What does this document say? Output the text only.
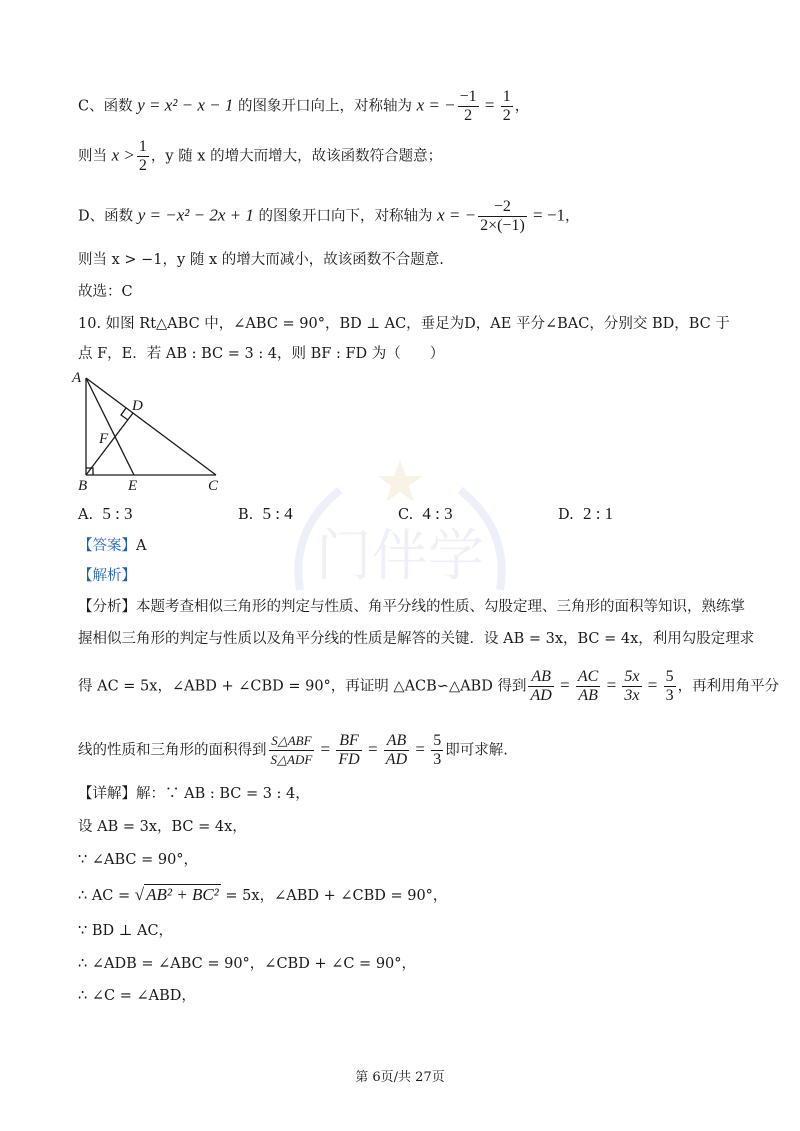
门伴学
C、函数 y = x² − x − 1 的图象开口向上，对称轴为 x = − $\frac{-1}{2} = \frac{1}{2}$ ，
则当 $x > \frac{1}{2}$ ，y 随 x 的增大而增大，故该函数符合题意；
D、函数 y = −x² − 2x + 1 的图象开口向下，对称轴为 x = − $\frac{-2}{2\times(-1)} = -1$，
则当 x > −1，y 随 x 的增大而减小，故该函数不合题意.
故选：C
10. 如图 Rt△ABC 中，∠ABC = 90°，BD ⊥ AC，垂足为D，AE 平分∠BAC，分别交 BD，BC 于
点 F，E．若 AB : BC = 3 : 4，则 BF : FD 为（　　）
A
B	C
D
E
F
A. 5 : 3	B. 5 : 4	C. 4 : 3	D. 2 : 1
【答案】A
【解析】
【分析】本题考查相似三角形的判定与性质、角平分线的性质、勾股定理、三角形的面积等知识，熟练掌
握相似三角形的判定与性质以及角平分线的性质是解答的关键．设 AB = 3x，BC = 4x，利用勾股定理求
得 AC = 5x，∠ABD + ∠CBD = 90°，再证明 △ACB∽△ABD 得到 $\frac{AB}{AD} = \frac{AC}{AB} = \frac{5x}{3x} = \frac{5}{3}$ ，再利用角平分
线的性质和三角形的面积得到 $\frac{\text{S△ABF}}{\text{S△ADF}} = \frac{BF}{FD} = \frac{AB}{AD} = \frac{5}{3}$ 即可求解.
【详解】解：∵ AB : BC = 3 : 4，
设 AB = 3x，BC = 4x，
∵ ∠ABC = 90°，
∴ AC = √ AB² + BC² = 5x，∠ABD + ∠CBD = 90°，
∵ BD ⊥ AC，
∴ ∠ADB = ∠ABC = 90°，∠CBD + ∠C = 90°，
∴ ∠C = ∠ABD，
第 6页/共 27页
